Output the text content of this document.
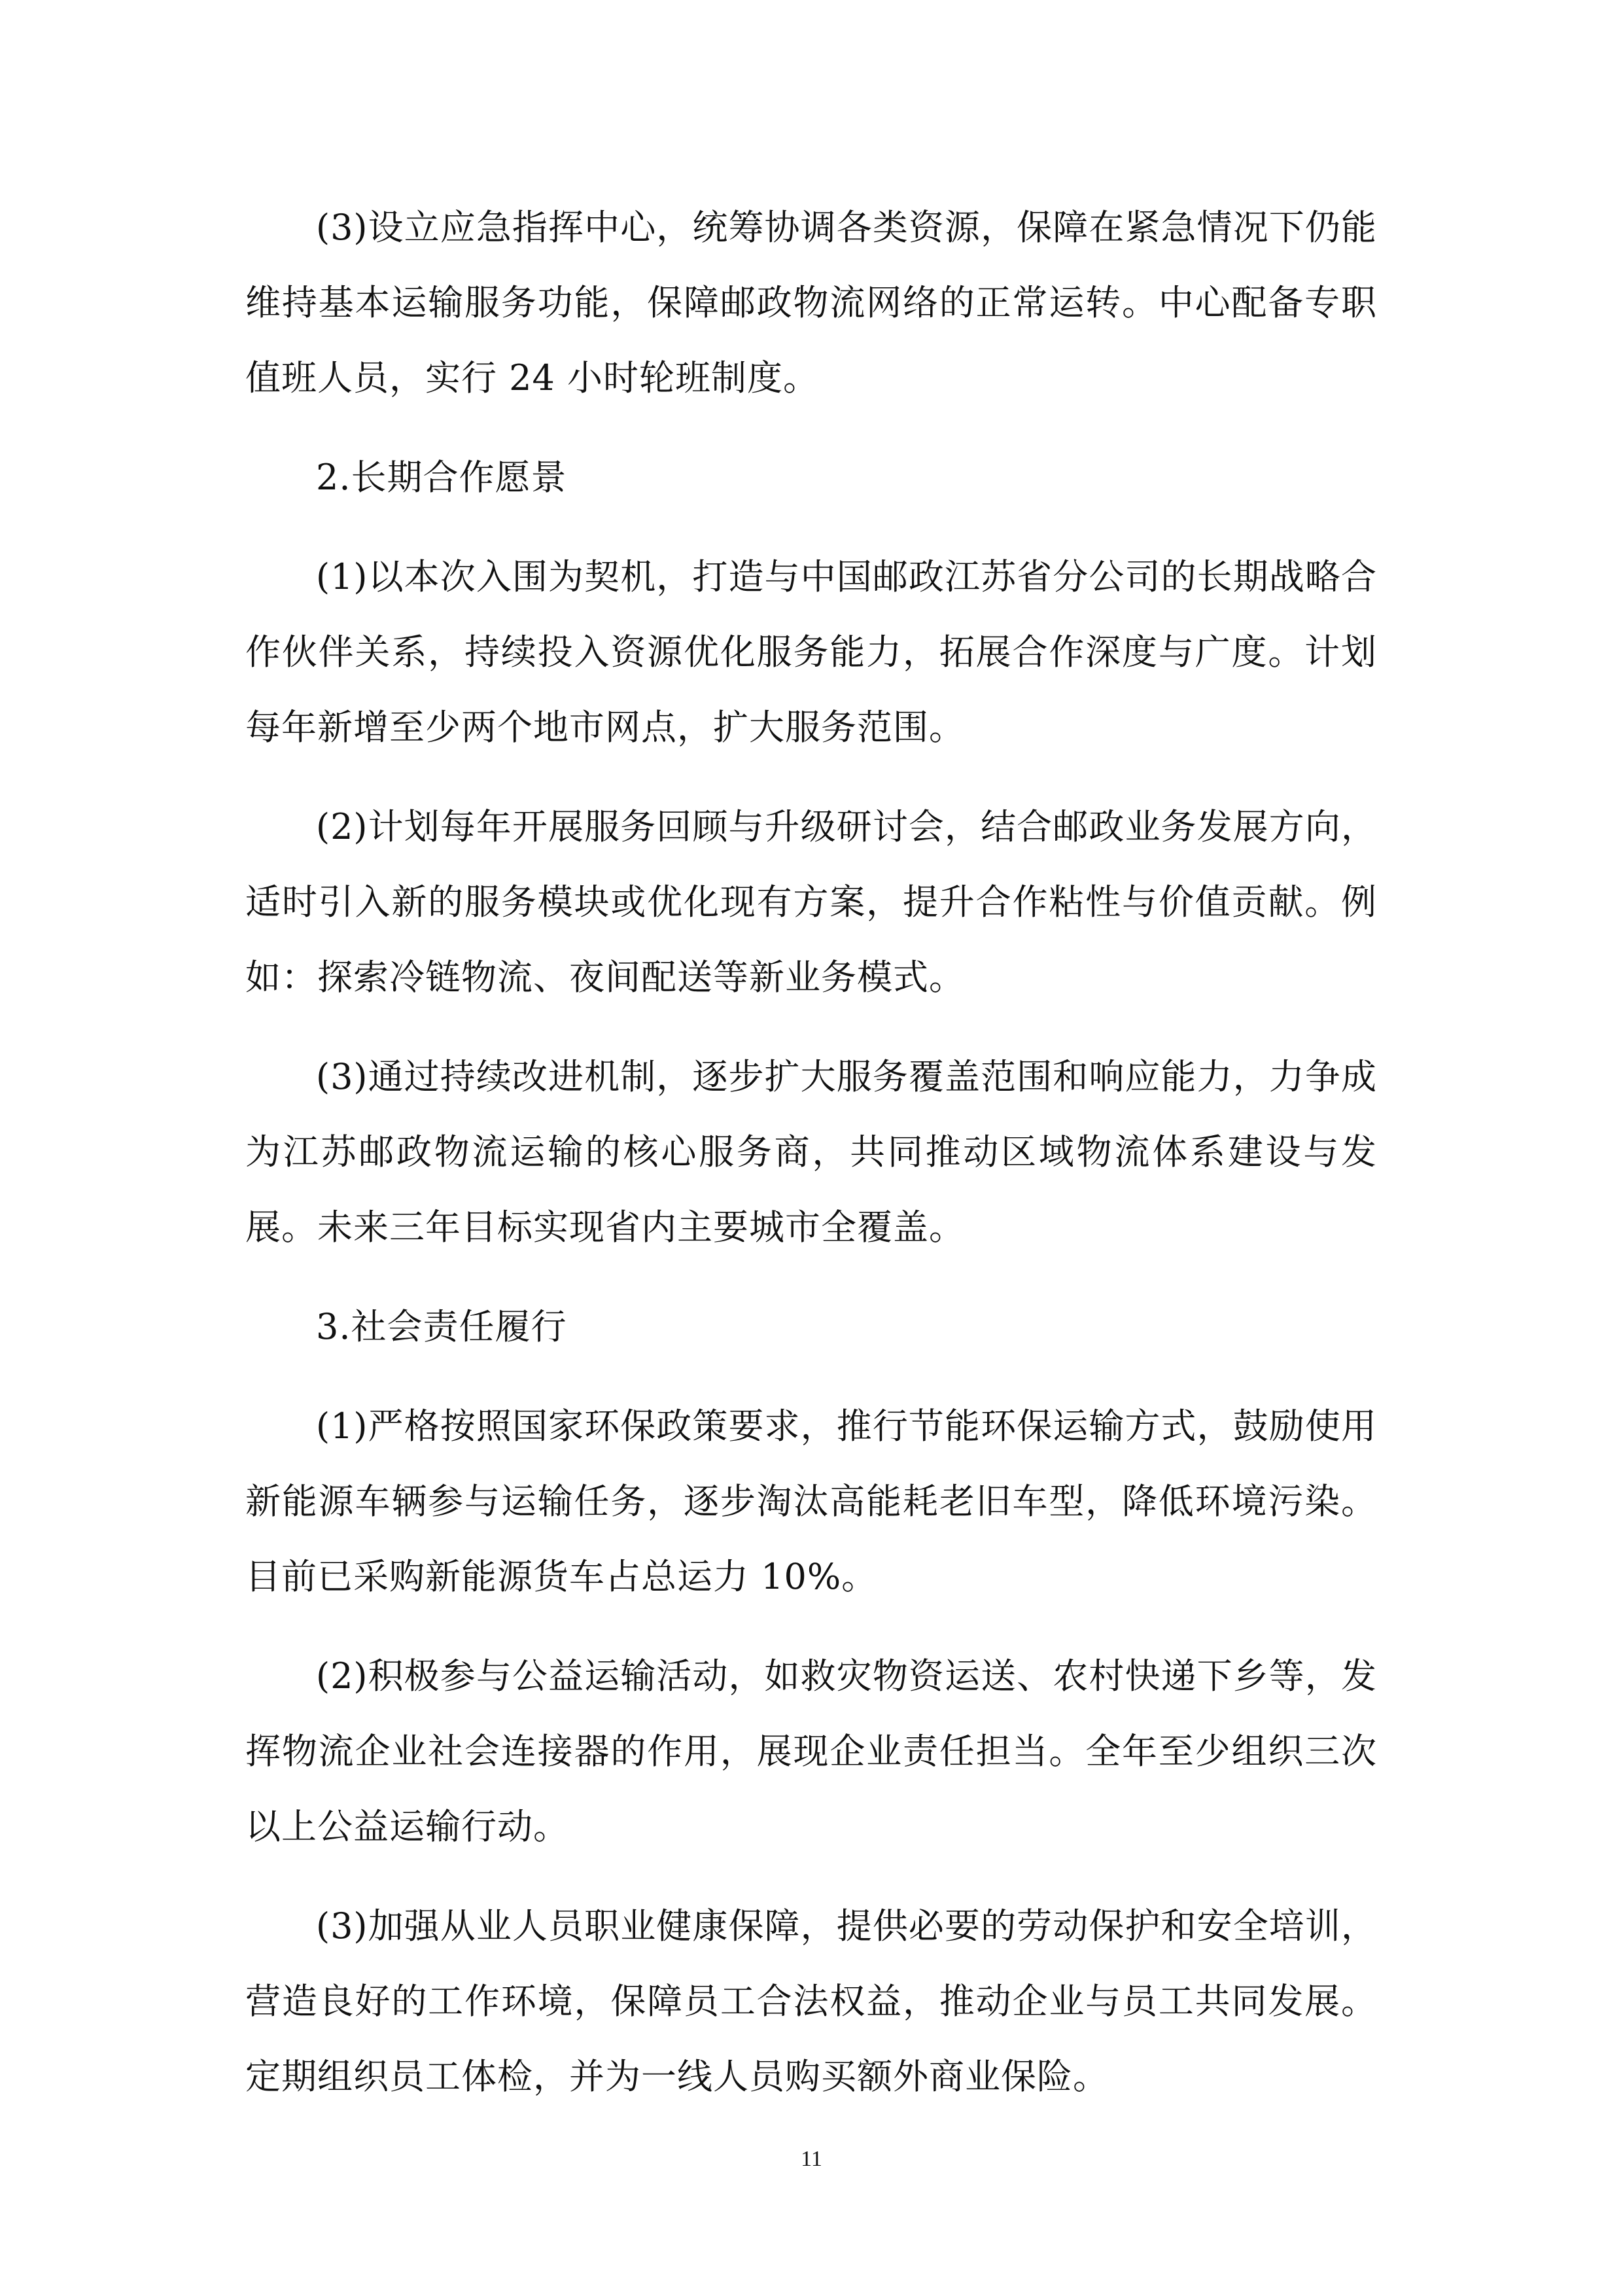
(3)设立应急指挥中心，统筹协调各类资源，保障在紧急情况下仍能维持基本运输服务功能，保障邮政物流网络的正常运转。中心配备专职值班人员，实行 24 小时轮班制度。

2.长期合作愿景

(1)以本次入围为契机，打造与中国邮政江苏省分公司的长期战略合作伙伴关系，持续投入资源优化服务能力，拓展合作深度与广度。计划每年新增至少两个地市网点，扩大服务范围。

(2)计划每年开展服务回顾与升级研讨会，结合邮政业务发展方向，适时引入新的服务模块或优化现有方案，提升合作粘性与价值贡献。例如：探索冷链物流、夜间配送等新业务模式。

(3)通过持续改进机制，逐步扩大服务覆盖范围和响应能力，力争成为江苏邮政物流运输的核心服务商，共同推动区域物流体系建设与发展。未来三年目标实现省内主要城市全覆盖。

3.社会责任履行

(1)严格按照国家环保政策要求，推行节能环保运输方式，鼓励使用新能源车辆参与运输任务，逐步淘汰高能耗老旧车型，降低环境污染。目前已采购新能源货车占总运力 10%。

(2)积极参与公益运输活动，如救灾物资运送、农村快递下乡等，发挥物流企业社会连接器的作用，展现企业责任担当。全年至少组织三次以上公益运输行动。

(3)加强从业人员职业健康保障，提供必要的劳动保护和安全培训，营造良好的工作环境，保障员工合法权益，推动企业与员工共同发展。定期组织员工体检，并为一线人员购买额外商业保险。

11
